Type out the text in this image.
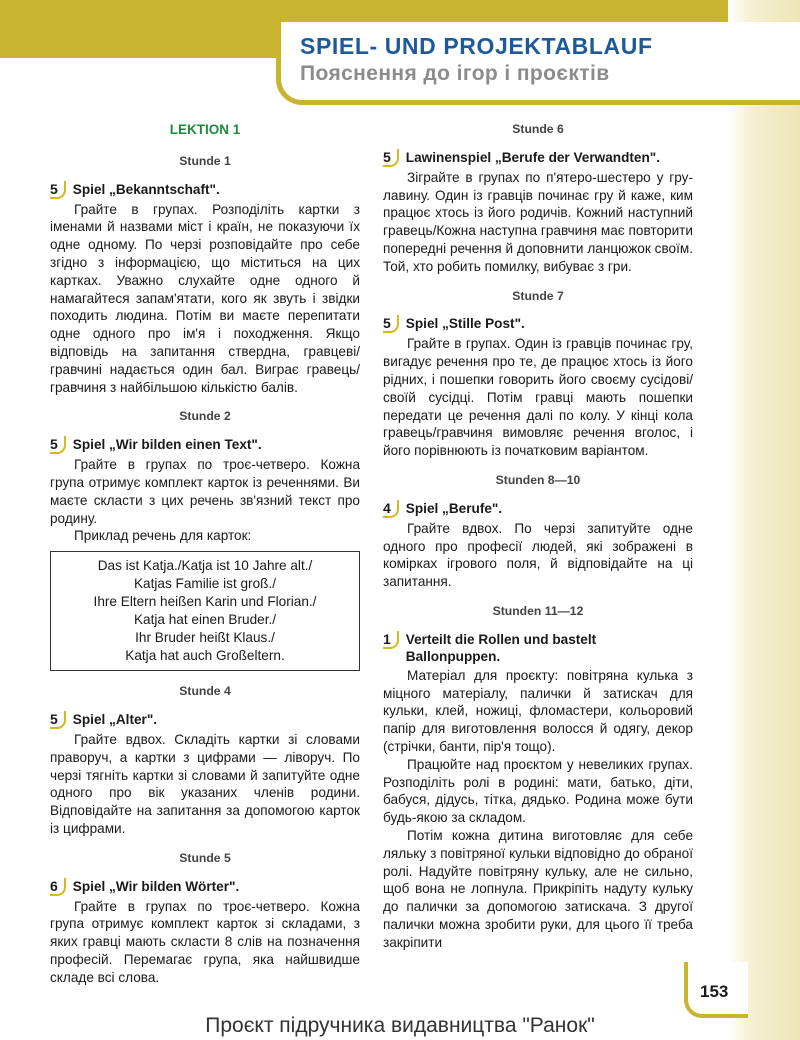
SPIEL- UND PROJEKTABLAUF
Пояснення до ігор і проєктів
LEKTION 1
Stunde 1
5	Spiel „Bekanntschaft".

Грайте в групах. Розподіліть картки з іменами й назвами міст і країн, не показуючи їх одне одному. По черзі розповідайте про себе згідно з інформацією, що міститься на цих картках. Уважно слухайте одне одного й намагайтеся запам'ятати, кого як звуть і звідки походить людина. Потім ви маєте перепитати одне одного про ім'я і походження. Якщо відповідь на запитання ствердна, гравцеві/гравчині надається один бал. Виграє гравець/гравчиня з найбільшою кількістю балів.

Stunde 2
5	Spiel „Wir bilden einen Text".

Грайте в групах по троє-четверо. Кожна група отримує комплект карток із реченнями. Ви маєте скласти з цих речень зв'язний текст про родину.

Приклад речень для карток:

Das ist Katja./Katja ist 10 Jahre alt./
Katjas Familie ist groß./
Ihre Eltern heißen Karin und Florian./
Katja hat einen Bruder./
Ihr Bruder heißt Klaus./
Katja hat auch Großeltern.
Stunde 4
5	Spiel „Alter".

Грайте вдвох. Складіть картки зі словами праворуч, а картки з цифрами — ліворуч. По черзі тягніть картки зі словами й запитуйте одне одного про вік указаних членів родини. Відповідайте на запитання за допомогою карток із цифрами.

Stunde 5
6	Spiel „Wir bilden Wörter".

Грайте в групах по троє-четверо. Кожна група отримує комплект карток зі складами, з яких гравці мають скласти 8 слів на позначення професій. Перемагає група, яка найшвидше складе всі слова.

Stunde 6
5	Lawinenspiel „Berufe der Verwandten".

Зіграйте в групах по п'ятеро-шестеро у гру-лавину. Один із гравців починає гру й каже, ким працює хтось із його родичів. Кожний наступний гравець/Кожна наступна гравчиня має повторити попередні речення й доповнити ланцюжок своїм. Той, хто робить помилку, вибуває з гри.

Stunde 7
5	Spiel „Stille Post".

Грайте в групах. Один із гравців починає гру, вигадує речення про те, де працює хтось із його рідних, і пошепки говорить його своєму сусідові/своїй сусідці. Потім гравці мають пошепки передати це речення далі по колу. У кінці кола гравець/гравчиня вимовляє речення вголос, і його порівнюють із початковим варіантом.

Stunden 8—10
4	Spiel „Berufe".

Грайте вдвох. По черзі запитуйте одне одного про професії людей, які зображені в комірках ігрового поля, й відповідайте на ці запитання.

Stunden 11—12
1	Verteilt die Rollen und bastelt Ballonpuppen.

Матеріал для проєкту: повітряна кулька з міцного матеріалу, палички й затискач для кульки, клей, ножиці, фломастери, кольоровий папір для виготовлення волосся й одягу, декор (стрічки, банти, пір'я тощо).

Працюйте над проєктом у невеликих групах. Розподіліть ролі в родині: мати, батько, діти, бабуся, дідусь, тітка, дядько. Родина може бути будь-якою за складом.

Потім кожна дитина виготовляє для себе ляльку з повітряної кульки відповідно до обраної ролі. Надуйте повітряну кульку, але не сильно, щоб вона не лопнула. Прикріпіть надуту кульку до палички за допомогою затискача. З другої палички можна зробити руки, для цього її треба закріпити

153
Проєкт підручника видавництва "Ранок"
